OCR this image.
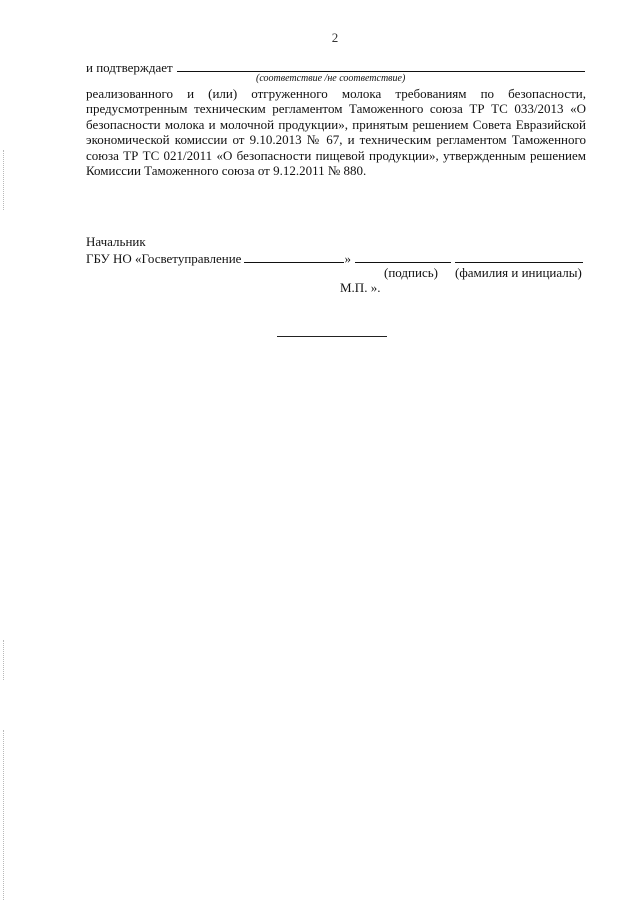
2
и подтверждает
(соответствие /не соответствие)

реализованного и (или) отгруженного молока требованиям по безопасности, предусмотренным техническим регламентом Таможенного союза ТР ТС 033/2013 «О безопасности молока и молочной продукции», принятым решением Совета Евразийской экономической комиссии от 9.10.2013 № 67, и техническим регламентом Таможенного союза ТР ТС 021/2011 «О безопасности пищевой продукции», утвержденным решением Комиссии Таможенного союза от 9.12.2011 № 880.

Начальник
ГБУ НО «Госветуправление	»
(подпись) (фамилия и инициалы)
М.П. ».
